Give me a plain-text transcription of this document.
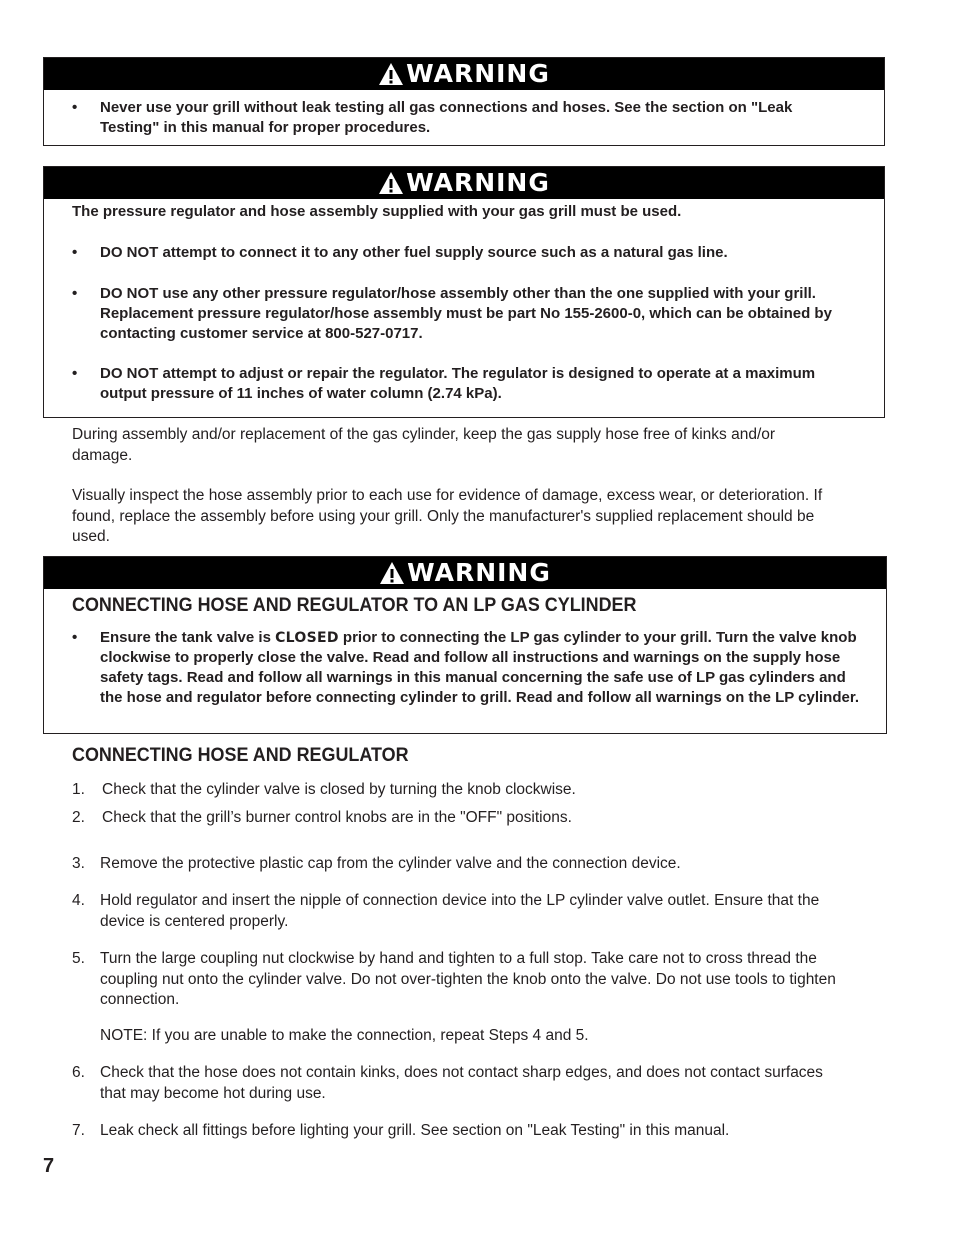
WARNING
• Never use your grill without leak testing all gas connections and hoses. See the section on "Leak Testing" in this manual for proper procedures.
WARNING
The pressure regulator and hose assembly supplied with your gas grill must be used.
• DO NOT attempt to connect it to any other fuel supply source such as a natural gas line.
• DO NOT use any other pressure regulator/hose assembly other than the one supplied with your grill. Replacement pressure regulator/hose assembly must be part No 155-2600-0, which can be obtained by contacting customer service at 800-527-0717.
• DO NOT attempt to adjust or repair the regulator. The regulator is designed to operate at a maximum output pressure of 11 inches of water column (2.74 kPa).
During assembly and/or replacement of the gas cylinder, keep the gas supply hose free of kinks and/or damage.
Visually inspect the hose assembly prior to each use for evidence of damage, excess wear, or deterioration. If found, replace the assembly before using your grill. Only the manufacturer's supplied replacement should be used.
WARNING
CONNECTING HOSE AND REGULATOR TO AN LP GAS CYLINDER
• Ensure the tank valve is CLOSED prior to connecting the LP gas cylinder to your grill. Turn the valve knob clockwise to properly close the valve. Read and follow all instructions and warnings on the supply hose safety tags. Read and follow all warnings in this manual concerning the safe use of LP gas cylinders and the hose and regulator before connecting cylinder to grill. Read and follow all warnings on the LP cylinder.
CONNECTING HOSE AND REGULATOR
1. Check that the cylinder valve is closed by turning the knob clockwise.
2. Check that the grill’s burner control knobs are in the "OFF" positions.
3. Remove the protective plastic cap from the cylinder valve and the connection device.
4. Hold regulator and insert the nipple of connection device into the LP cylinder valve outlet. Ensure that the device is centered properly.
5. Turn the large coupling nut clockwise by hand and tighten to a full stop. Take care not to cross thread the coupling nut onto the cylinder valve. Do not over-tighten the knob onto the valve. Do not use tools to tighten connection.
NOTE: If you are unable to make the connection, repeat Steps 4 and 5.
6. Check that the hose does not contain kinks, does not contact sharp edges, and does not contact surfaces that may become hot during use.
7. Leak check all fittings before lighting your grill. See section on "Leak Testing" in this manual.
7
